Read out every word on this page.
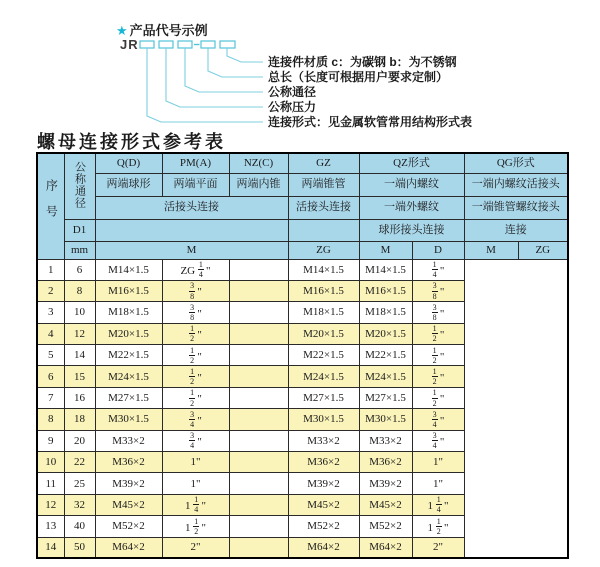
★ 产品代号示例
JR
连接件材质 c：为碳钢 b：为不锈钢
总长（长度可根据用户要求定制）
公称通径
公称压力
连接形式：见金属软管常用结构形式表
螺母连接形式参考表
序号	公称通径	Q(D)	PM(A)	NZ(C)	GZ	QZ形式		QG形式	
		两端球形	两端平面	两端内锥	两端锥管	一端内螺纹		一端内螺纹活接头	
		活接头连接			活接头连接	一端外螺纹		一端锥管螺纹接头	
	D1					球形接头连接		连接	
	mm	M			ZG	M	D	M	ZG
1	6	M14×1.5	ZG $\frac{1}{4}$  "		M14×1.5	M14×1.5	$\frac{1}{4}$  "		
2	8	M16×1.5	$\frac{3}{8}$  "		M16×1.5	M16×1.5	$\frac{3}{8}$  "		
3	10	M18×1.5	$\frac{3}{8}$  "		M18×1.5	M18×1.5	$\frac{3}{8}$  "		
4	12	M20×1.5	$\frac{1}{2}$  "		M20×1.5	M20×1.5	$\frac{1}{2}$  "		
5	14	M22×1.5	$\frac{1}{2}$  "		M22×1.5	M22×1.5	$\frac{1}{2}$  "		
6	15	M24×1.5	$\frac{1}{2}$  "		M24×1.5	M24×1.5	$\frac{1}{2}$  "		
7	16	M27×1.5	$\frac{1}{2}$  "		M27×1.5	M27×1.5	$\frac{1}{2}$  "		
8	18	M30×1.5	$\frac{3}{4}$  "		M30×1.5	M30×1.5	$\frac{3}{4}$  "		
9	20	M33×2	$\frac{3}{4}$  "		M33×2	M33×2	$\frac{3}{4}$  "		
10	22	M36×2	1"		M36×2	M36×2	1"		
11	25	M39×2	1"		M39×2	M39×2	1"		
12	32	M45×2	$1 \frac{1}{4}$  "		M45×2	M45×2	$1 \frac{1}{4}$  "		
13	40	M52×2	$1 \frac{1}{2}$  "		M52×2	M52×2	$1 \frac{1}{2}$  "		
14	50	M64×2	2"		M64×2	M64×2	2"		
